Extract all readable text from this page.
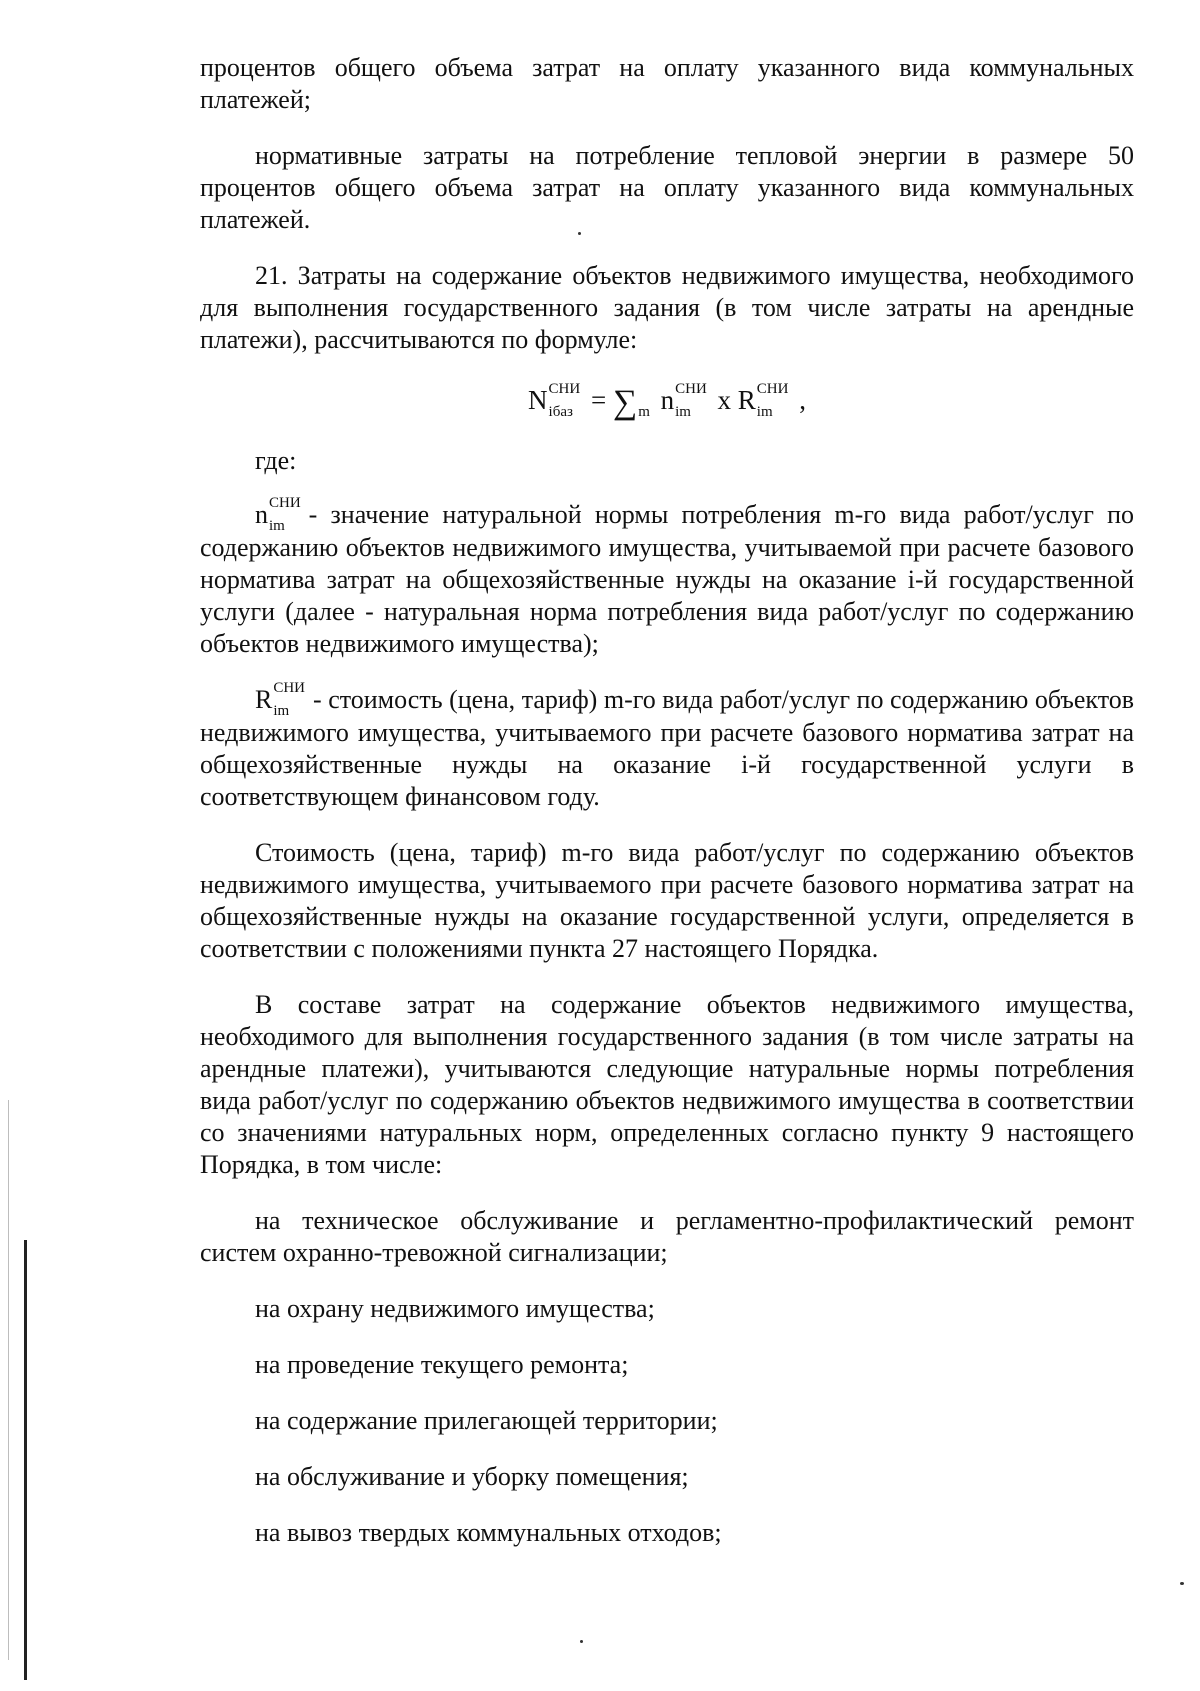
процентов общего объема затрат на оплату указанного вида коммунальных платежей;

нормативные затраты на потребление тепловой энергии в размере 50 процентов общего объема затрат на оплату указанного вида коммунальных платежей.

21. Затраты на содержание объектов недвижимого имущества, необходимого для выполнения государственного задания (в том числе затраты на арендные платежи), рассчитываются по формуле:

N СНИ
iбаз = ∑
m n СНИ
im x R СНИ
im ,

где:

n СНИ
im - значение натуральной нормы потребления m-го вида работ/услуг по содержанию объектов недвижимого имущества, учитываемой при расчете базового норматива затрат на общехозяйственные нужды на оказание i-й государственной услуги (далее - натуральная норма потребления вида работ/услуг по содержанию объектов недвижимого имущества);

R СНИ
im - стоимость (цена, тариф) m-го вида работ/услуг по содержанию объектов недвижимого имущества, учитываемого при расчете базового норматива затрат на общехозяйственные нужды на оказание i-й государственной услуги в соответствующем финансовом году.

Стоимость (цена, тариф) m-го вида работ/услуг по содержанию объектов недвижимого имущества, учитываемого при расчете базового норматива затрат на общехозяйственные нужды на оказание государственной услуги, определяется в соответствии с положениями пункта 27 настоящего Порядка.

В составе затрат на содержание объектов недвижимого имущества, необходимого для выполнения государственного задания (в том числе затраты на арендные платежи), учитываются следующие натуральные нормы потребления вида работ/услуг по содержанию объектов недвижимого имущества в соответствии со значениями натуральных норм, определенных согласно пункту 9 настоящего Порядка, в том числе:

на техническое обслуживание и регламентно-профилактический ремонт систем охранно-тревожной сигнализации;

на охрану недвижимого имущества;

на проведение текущего ремонта;

на содержание прилегающей территории;

на обслуживание и уборку помещения;

на вывоз твердых коммунальных отходов;
